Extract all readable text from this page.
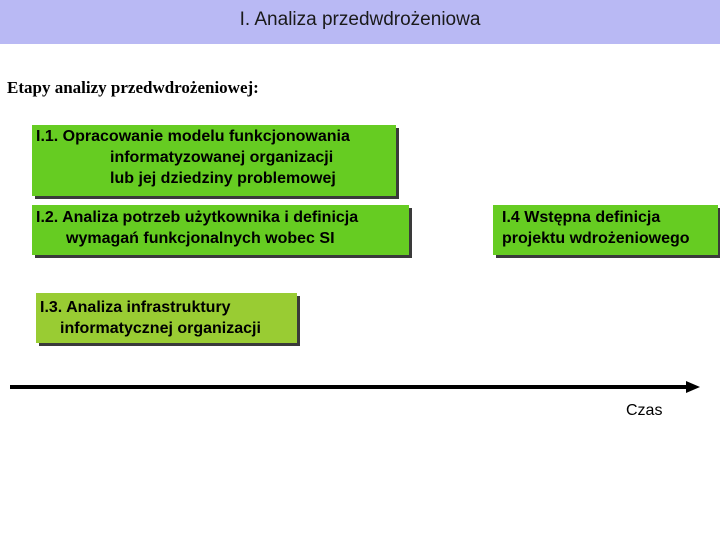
I. Analiza przedwdrożeniowa
Etapy analizy przedwdrożeniowej:
I.1. Opracowanie modelu funkcjonowania
informatyzowanej organizacji
lub jej dziedziny problemowej
I.2. Analiza potrzeb użytkownika i definicja
wymagań funkcjonalnych wobec SI
I.3. Analiza infrastruktury
informatycznej organizacji
I.4 Wstępna definicja
projektu wdrożeniowego
Czas
